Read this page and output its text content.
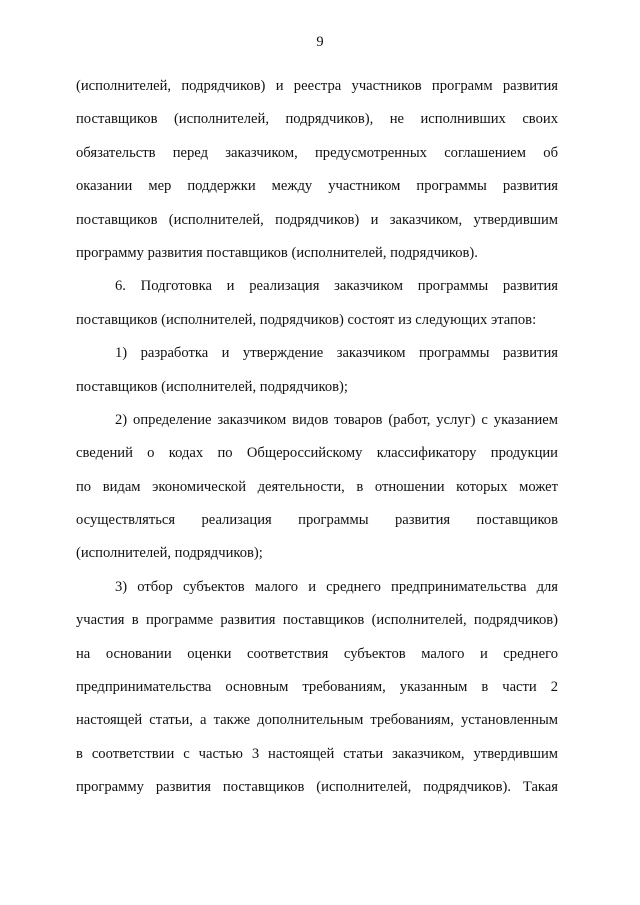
9
(исполнителей, подрядчиков) и реестра участников программ развития
поставщиков (исполнителей, подрядчиков), не исполнивших своих
обязательств перед заказчиком, предусмотренных соглашением об
оказании мер поддержки между участником программы развития
поставщиков (исполнителей, подрядчиков) и заказчиком, утвердившим
программу развития поставщиков (исполнителей, подрядчиков).
6. Подготовка и реализация заказчиком программы развития
поставщиков (исполнителей, подрядчиков) состоят из следующих этапов:
1) разработка и утверждение заказчиком программы развития
поставщиков (исполнителей, подрядчиков);
2) определение заказчиком видов товаров (работ, услуг) с указанием
сведений о кодах по Общероссийскому классификатору продукции
по видам экономической деятельности, в отношении которых может
осуществляться реализация программы развития поставщиков
(исполнителей, подрядчиков);
3) отбор субъектов малого и среднего предпринимательства для
участия в программе развития поставщиков (исполнителей, подрядчиков)
на основании оценки соответствия субъектов малого и среднего
предпринимательства основным требованиям, указанным в части 2
настоящей статьи, а также дополнительным требованиям, установленным
в соответствии с частью 3 настоящей статьи заказчиком, утвердившим
программу развития поставщиков (исполнителей, подрядчиков). Такая
